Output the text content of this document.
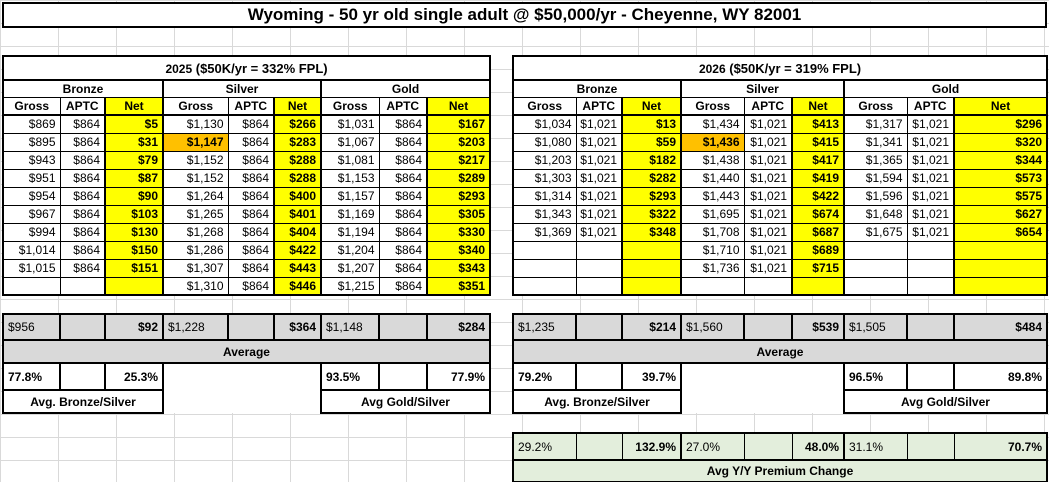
Wyoming - 50 yr old single adult @ $50,000/yr - Cheyenne, WY 82001
2025 ($50K/yr = 332% FPL)								
Bronze			Silver			Gold		
Gross	APTC	Net	Gross	APTC	Net	Gross	APTC	Net
$869	$864	$5	$1,130	$864	$266	$1,031	$864	$167
$895	$864	$31	$1,147	$864	$283	$1,067	$864	$203
$943	$864	$79	$1,152	$864	$288	$1,081	$864	$217
$951	$864	$87	$1,152	$864	$288	$1,153	$864	$289
$954	$864	$90	$1,264	$864	$400	$1,157	$864	$293
$967	$864	$103	$1,265	$864	$401	$1,169	$864	$305
$994	$864	$130	$1,268	$864	$404	$1,194	$864	$330
$1,014	$864	$150	$1,286	$864	$422	$1,204	$864	$340
$1,015	$864	$151	$1,307	$864	$443	$1,207	$864	$343
			$1,310	$864	$446	$1,215	$864	$351
$956		$92	$1,228		$364	$1,148		$284
Average								
77.8%		25.3%				93.5%		77.9%
Avg. Bronze/Silver						Avg Gold/Silver		
2026 ($50K/yr = 319% FPL)								
Bronze			Silver			Gold		
Gross	APTC	Net	Gross	APTC	Net	Gross	APTC	Net
$1,034	$1,021	$13	$1,434	$1,021	$413	$1,317	$1,021	$296
$1,080	$1,021	$59	$1,436	$1,021	$415	$1,341	$1,021	$320
$1,203	$1,021	$182	$1,438	$1,021	$417	$1,365	$1,021	$344
$1,303	$1,021	$282	$1,440	$1,021	$419	$1,594	$1,021	$573
$1,314	$1,021	$293	$1,443	$1,021	$422	$1,596	$1,021	$575
$1,343	$1,021	$322	$1,695	$1,021	$674	$1,648	$1,021	$627
$1,369	$1,021	$348	$1,708	$1,021	$687	$1,675	$1,021	$654
			$1,710	$1,021	$689			
			$1,736	$1,021	$715			

$1,235		$214	$1,560		$539	$1,505		$484
Average								
79.2%		39.7%				96.5%		89.8%
Avg. Bronze/Silver						Avg Gold/Silver		
29.2%		132.9%	27.0%		48.0%	31.1%		70.7%
Avg Y/Y Premium Change
